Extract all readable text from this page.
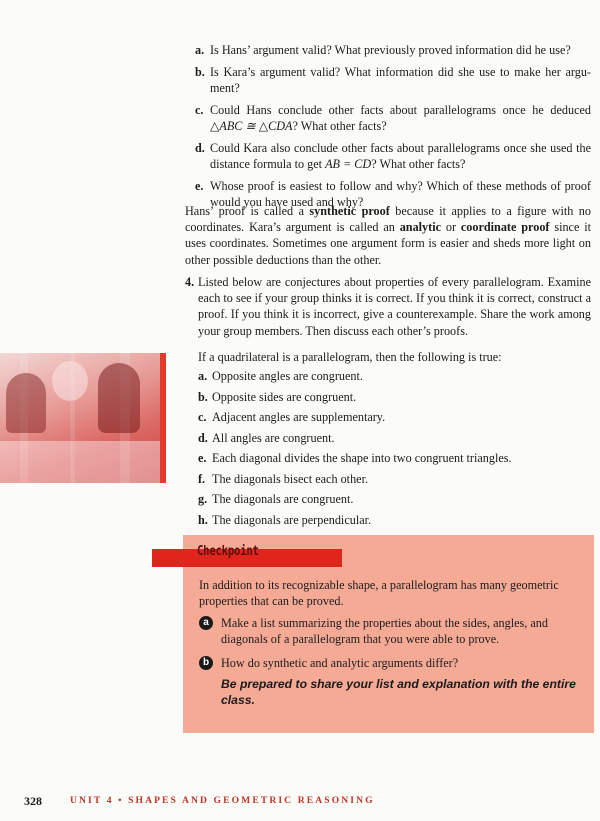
a. Is Hans’ argument valid? What previously proved information did he use?
b. Is Kara’s argument valid? What information did she use to make her argu-ment?
c. Could Hans conclude other facts about parallelograms once he deduced △ABC ≅ △CDA? What other facts?
d. Could Kara also conclude other facts about parallelograms once she used the distance formula to get AB = CD? What other facts?
e. Whose proof is easiest to follow and why? Which of these methods of proof would you have used and why?
Hans’ proof is called a synthetic proof because it applies to a figure with no coordinates. Kara’s argument is called an analytic or coordinate proof since it uses coordinates. Sometimes one argument form is easier and sheds more light on other possible deductions than the other.
4. Listed below are conjectures about properties of every parallelogram. Examine each to see if your group thinks it is correct. If you think it is correct, construct a proof. If you think it is incorrect, give a counterexample. Share the work among your group members. Then discuss each other’s proofs.
If a quadrilateral is a parallelogram, then the following is true:
a. Opposite angles are congruent.
b. Opposite sides are congruent.
c. Adjacent angles are supplementary.
d. All angles are congruent.
e. Each diagonal divides the shape into two congruent triangles.
f. The diagonals bisect each other.
g. The diagonals are congruent.
h. The diagonals are perpendicular.
Checkpoint
In addition to its recognizable shape, a parallelogram has many geometric properties that can be proved.
a	Make a list summarizing the properties about the sides, angles, and diagonals of a parallelogram that you were able to prove.
b How do synthetic and analytic arguments differ?
Be prepared to share your list and explanation with the entire class.
328	UNIT 4 • SHAPES AND GEOMETRIC REASONING
